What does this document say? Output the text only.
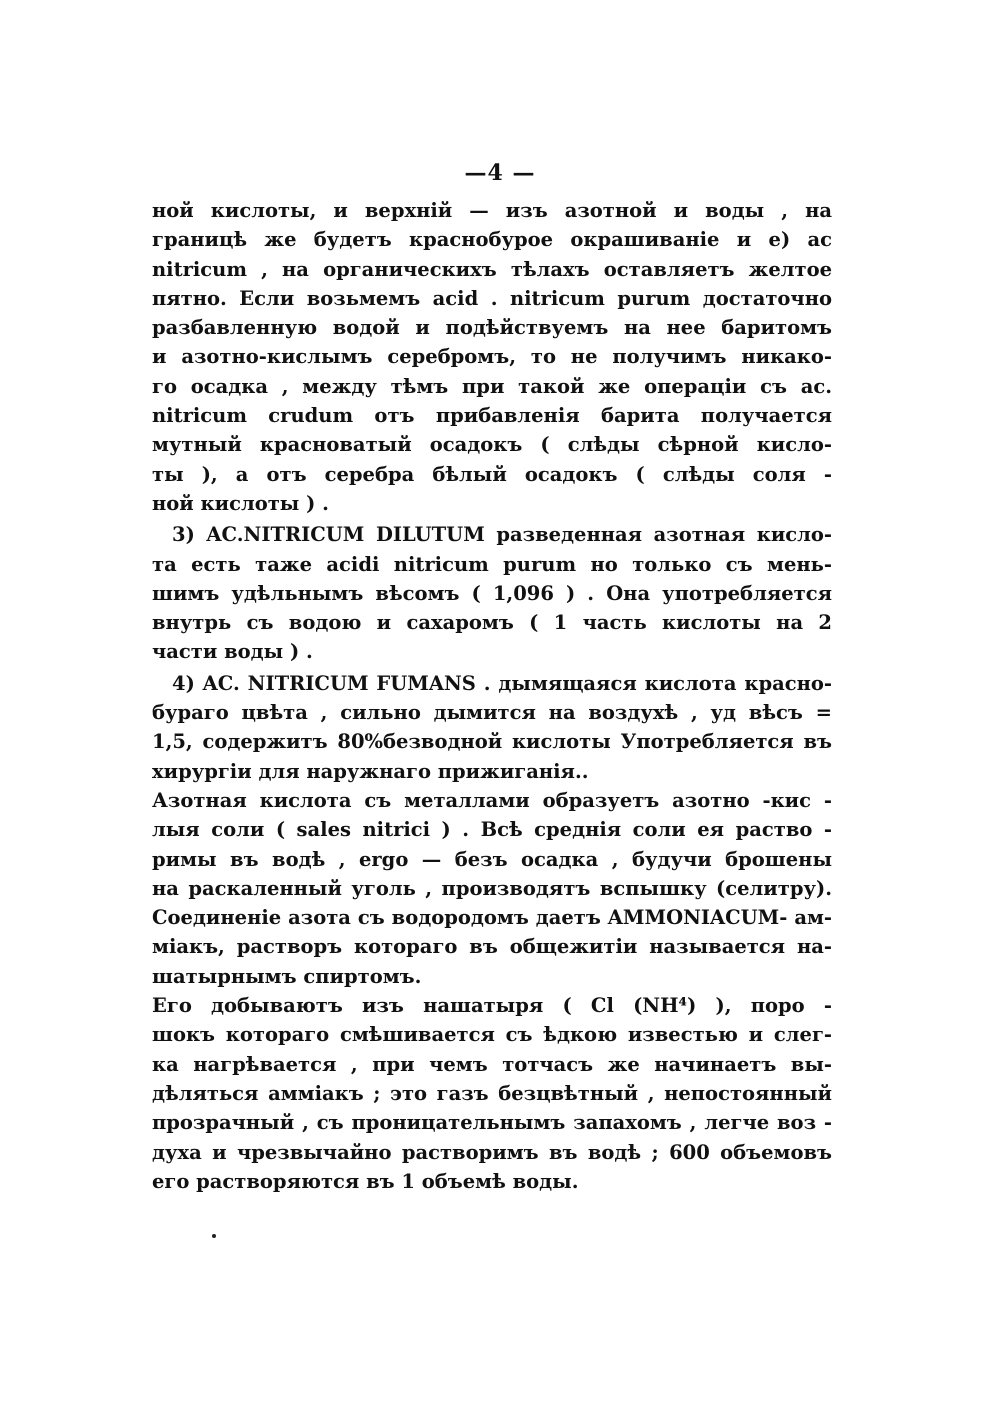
—4 —
ной кислоты, и верхній — изъ азотной и воды , на
границѣ же будетъ краснобурое окрашиваніе и е) ac
nitricum , на органическихъ тѣлахъ оставляетъ желтое
пятно. Если возьмемъ acid . nitricum purum достаточно
разбавленную водой и подѣйствуемъ на нее баритомъ
и азотно-кислымъ серебромъ, то не получимъ никако-
го осадка , между тѣмъ при такой же операціи съ ac.
nitricum crudum отъ прибавленія барита получается
мутный красноватый осадокъ ( слѣды сѣрной кисло-
ты ), а отъ серебра бѣлый осадокъ ( слѣды соля -
ной кислоты ) .
3) AC.NITRICUM DILUTUM разведенная азотная кисло-
та есть таже acidi nitricum purum но только съ мень-
шимъ удѣльнымъ вѣсомъ ( 1,096 ) . Она употребляется
внутрь съ водою и сахаромъ ( 1 часть кислоты на 2
части воды ) .
4) AC. NITRICUM FUMANS . дымящаяся кислота красно-
бураго цвѣта , сильно дымится на воздухѣ , уд вѣсъ =
1,5, содержитъ 80%безводной кислоты Употребляется въ
хирургіи для наружнаго прижиганія..
Азотная кислота съ металлами образуетъ азотно -кис -
лыя соли ( sales nitrici ) . Всѣ среднія соли ея раство -
римы въ водѣ , ergo — безъ осадка , будучи брошены
на раскаленный уголь , производятъ вспышку (селитру).
Соединеніе азота съ водородомъ даетъ AMMONIACUM- ам-
міакъ, растворъ котораго въ общежитіи называется на-
шатырнымъ спиртомъ.
Его добываютъ изъ нашатыря ( Cl (NH⁴) ), поро -
шокъ котораго смѣшивается съ ѣдкою известью и слег-
ка нагрѣвается , при чемъ тотчасъ же начинаетъ вы-
дѣляться амміакъ ; это газъ безцвѣтный , непостоянный
прозрачный , съ проницательнымъ запахомъ , легче воз -
духа и чрезвычайно растворимъ въ водѣ ; 600 объемовъ
его растворяются въ 1 объемѣ воды.
